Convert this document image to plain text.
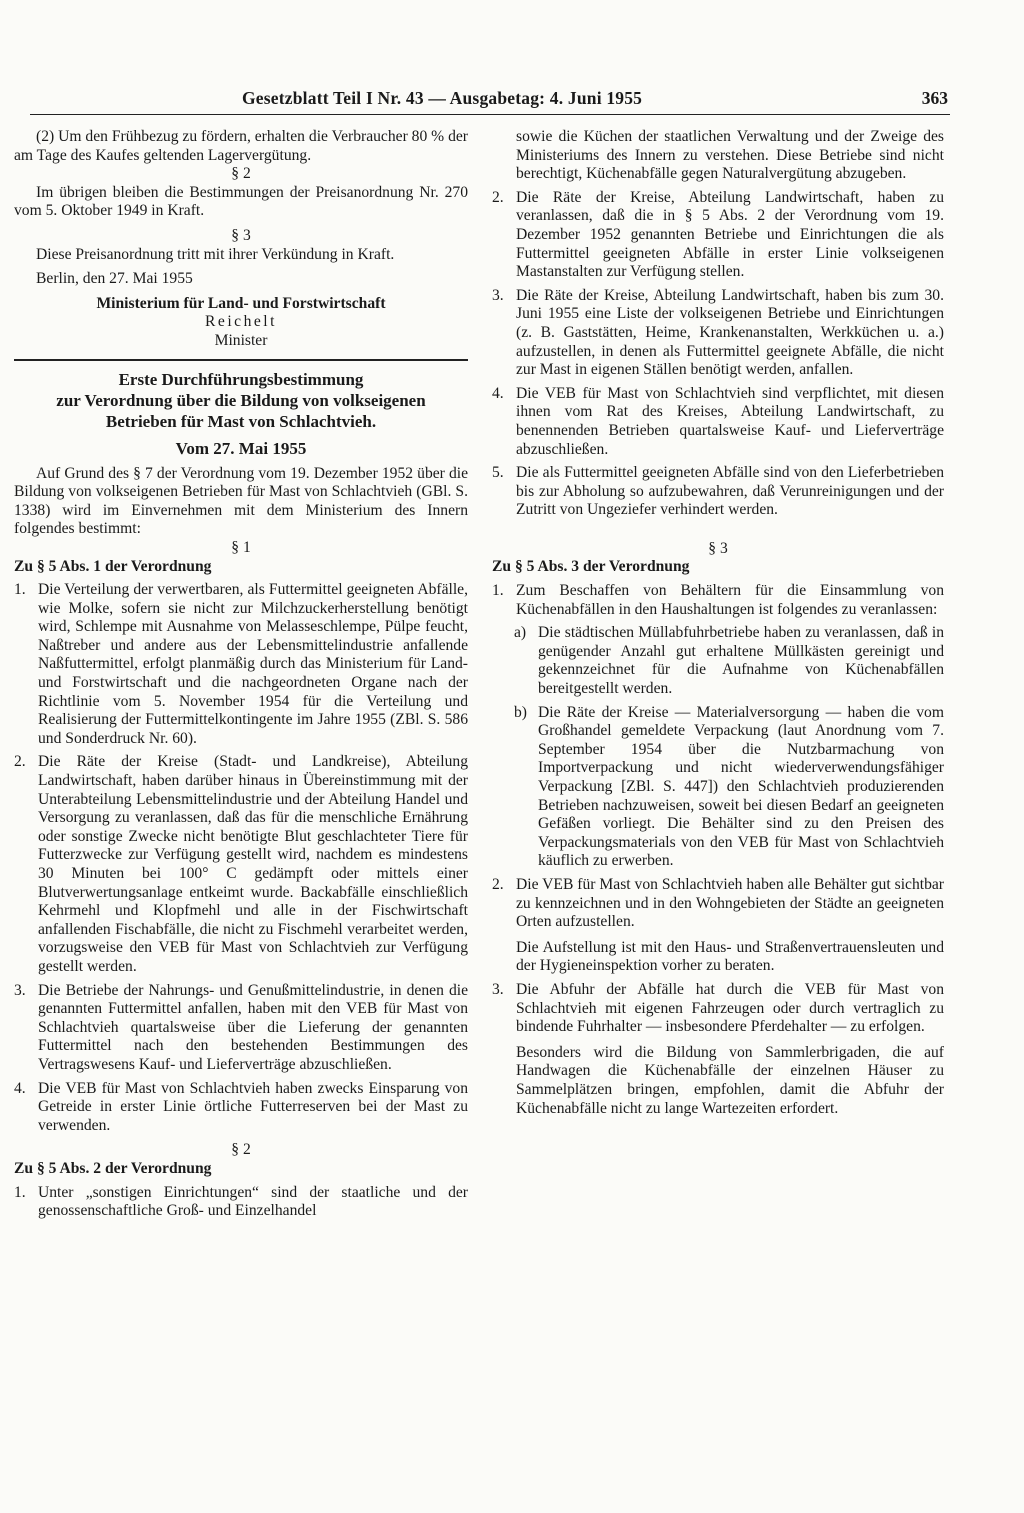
Gesetzblatt Teil I Nr. 43 — Ausgabetag: 4. Juni 1955	363

(2) Um den Frühbezug zu fördern, erhalten die Verbraucher 80 % der am Tage des Kaufes geltenden Lagervergütung.

§ 2

Im übrigen bleiben die Bestimmungen der Preisanordnung Nr. 270 vom 5. Oktober 1949 in Kraft.

§ 3

Diese Preisanordnung tritt mit ihrer Verkündung in Kraft.

Berlin, den 27. Mai 1955

Ministerium für Land- und Forstwirtschaft

Reichelt

Minister

Erste Durchführungsbestimmung
zur Verordnung über die Bildung von volkseigenen
Betrieben für Mast von Schlachtvieh.
Vom 27. Mai 1955

Auf Grund des § 7 der Verordnung vom 19. Dezember 1952 über die Bildung von volkseigenen Betrieben für Mast von Schlachtvieh (GBl. S. 1338) wird im Einvernehmen mit dem Ministerium des Innern folgendes bestimmt:

§ 1

Zu § 5 Abs. 1 der Verordnung

1. Die Verteilung der verwertbaren, als Futtermittel geeigneten Abfälle, wie Molke, sofern sie nicht zur Milchzuckerherstellung benötigt wird, Schlempe mit Ausnahme von Melasseschlempe, Pülpe feucht, Naßtreber und andere aus der Lebensmittelindustrie anfallende Naßfuttermittel, erfolgt planmäßig durch das Ministerium für Land- und Forstwirtschaft und die nachgeordneten Organe nach der Richtlinie vom 5. November 1954 für die Verteilung und Realisierung der Futtermittelkontingente im Jahre 1955 (ZBl. S. 586 und Sonderdruck Nr. 60).
2. Die Räte der Kreise (Stadt- und Landkreise), Abteilung Landwirtschaft, haben darüber hinaus in Übereinstimmung mit der Unterabteilung Lebensmittelindustrie und der Abteilung Handel und Versorgung zu veranlassen, daß das für die menschliche Ernährung oder sonstige Zwecke nicht benötigte Blut geschlachteter Tiere für Futterzwecke zur Verfügung gestellt wird, nachdem es mindestens 30 Minuten bei 100° C gedämpft oder mittels einer Blutverwertungsanlage entkeimt wurde. Backabfälle einschließlich Kehrmehl und Klopfmehl und alle in der Fischwirtschaft anfallenden Fischabfälle, die nicht zu Fischmehl verarbeitet werden, vorzugsweise den VEB für Mast von Schlachtvieh zur Verfügung gestellt werden.
3. Die Betriebe der Nahrungs- und Genußmittelindustrie, in denen die genannten Futtermittel anfallen, haben mit den VEB für Mast von Schlachtvieh quartalsweise über die Lieferung der genannten Futtermittel nach den bestehenden Bestimmungen des Vertragswesens Kauf- und Lieferverträge abzuschließen.
4. Die VEB für Mast von Schlachtvieh haben zwecks Einsparung von Getreide in erster Linie örtliche Futterreserven bei der Mast zu verwenden.

§ 2

Zu § 5 Abs. 2 der Verordnung

1. Unter „sonstigen Einrichtungen“ sind der staatliche und der genossenschaftliche Groß- und Einzelhandel

sowie die Küchen der staatlichen Verwaltung und der Zweige des Ministeriums des Innern zu verstehen. Diese Betriebe sind nicht berechtigt, Küchenabfälle gegen Naturalvergütung abzugeben.

2. Die Räte der Kreise, Abteilung Landwirtschaft, haben zu veranlassen, daß die in § 5 Abs. 2 der Verordnung vom 19. Dezember 1952 genannten Betriebe und Einrichtungen die als Futtermittel geeigneten Abfälle in erster Linie volkseigenen Mastanstalten zur Verfügung stellen.
3. Die Räte der Kreise, Abteilung Landwirtschaft, haben bis zum 30. Juni 1955 eine Liste der volkseigenen Betriebe und Einrichtungen (z. B. Gaststätten, Heime, Krankenanstalten, Werkküchen u. a.) aufzustellen, in denen als Futtermittel geeignete Abfälle, die nicht zur Mast in eigenen Ställen benötigt werden, anfallen.
4. Die VEB für Mast von Schlachtvieh sind verpflichtet, mit diesen ihnen vom Rat des Kreises, Abteilung Landwirtschaft, zu benennenden Betrieben quartalsweise Kauf- und Lieferverträge abzuschließen.
5. Die als Futtermittel geeigneten Abfälle sind von den Lieferbetrieben bis zur Abholung so aufzubewahren, daß Verunreinigungen und der Zutritt von Ungeziefer verhindert werden.

§ 3

Zu § 5 Abs. 3 der Verordnung

1. Zum Beschaffen von Behältern für die Einsammlung von Küchenabfällen in den Haushaltungen ist folgendes zu veranlassen:
a) Die städtischen Müllabfuhrbetriebe haben zu veranlassen, daß in genügender Anzahl gut erhaltene Müllkästen gereinigt und gekennzeichnet für die Aufnahme von Küchenabfällen bereitgestellt werden.
b) Die Räte der Kreise — Materialversorgung — haben die vom Großhandel gemeldete Verpackung (laut Anordnung vom 7. September 1954 über die Nutzbarmachung von Importverpackung und nicht wiederverwendungsfähiger Verpackung [ZBl. S. 447]) den Schlachtvieh produzierenden Betrieben nachzuweisen, soweit bei diesen Bedarf an geeigneten Gefäßen vorliegt. Die Behälter sind zu den Preisen des Verpackungsmaterials von den VEB für Mast von Schlachtvieh käuflich zu erwerben.
2. Die VEB für Mast von Schlachtvieh haben alle Behälter gut sichtbar zu kennzeichnen und in den Wohngebieten der Städte an geeigneten Orten aufzustellen.

Die Aufstellung ist mit den Haus- und Straßenvertrauensleuten und der Hygieneinspektion vorher zu beraten.

3. Die Abfuhr der Abfälle hat durch die VEB für Mast von Schlachtvieh mit eigenen Fahrzeugen oder durch vertraglich zu bindende Fuhrhalter — insbesondere Pferdehalter — zu erfolgen.

Besonders wird die Bildung von Sammlerbrigaden, die auf Handwagen die Küchenabfälle der einzelnen Häuser zu Sammelplätzen bringen, empfohlen, damit die Abfuhr der Küchenabfälle nicht zu lange Wartezeiten erfordert.
